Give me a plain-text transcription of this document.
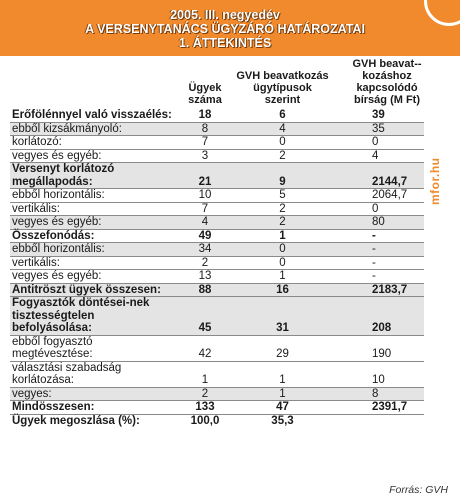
2005. III. negyedév
A VERSENYTANÁCS ÜGYZÁRÓ HATÁROZATAI
1. ÁTTEKINTÉS
mfor.hu
	Ügyek száma	GVH beavatkozás ügytípusok szerint	GVH beavat--kozáshoz kapcsolódó bírság (M Ft)
Erőfölénnyel való visszaélés:	18	6	39
ebből kizsákmányoló:	8	4	35
korlátozó:	7	0	0
vegyes és egyéb:	3	2	4
Versenyt korlátozó megállapodás:	21	9	2144,7
ebből horizontális:	10	5	2064,7
vertikális:	7	2	0
vegyes és egyéb:	4	2	80
Összefonódás:	49	1	-
ebből horizontális:	34	0	-
vertikális:	2	0	-
vegyes és egyéb:	13	1	-
Antitröszt ügyek összesen:	88	16	2183,7
Fogyasztók döntései-nek tisztességtelen befolyásolása:	45	31	208
ebből fogyasztó megtévesztése:	42	29	190
választási szabadság korlátozása:	1	1	10
vegyes:	2	1	8
Mindösszesen:	133	47	2391,7
Ügyek megoszlása (%):	100,0	35,3	
Forrás: GVH
